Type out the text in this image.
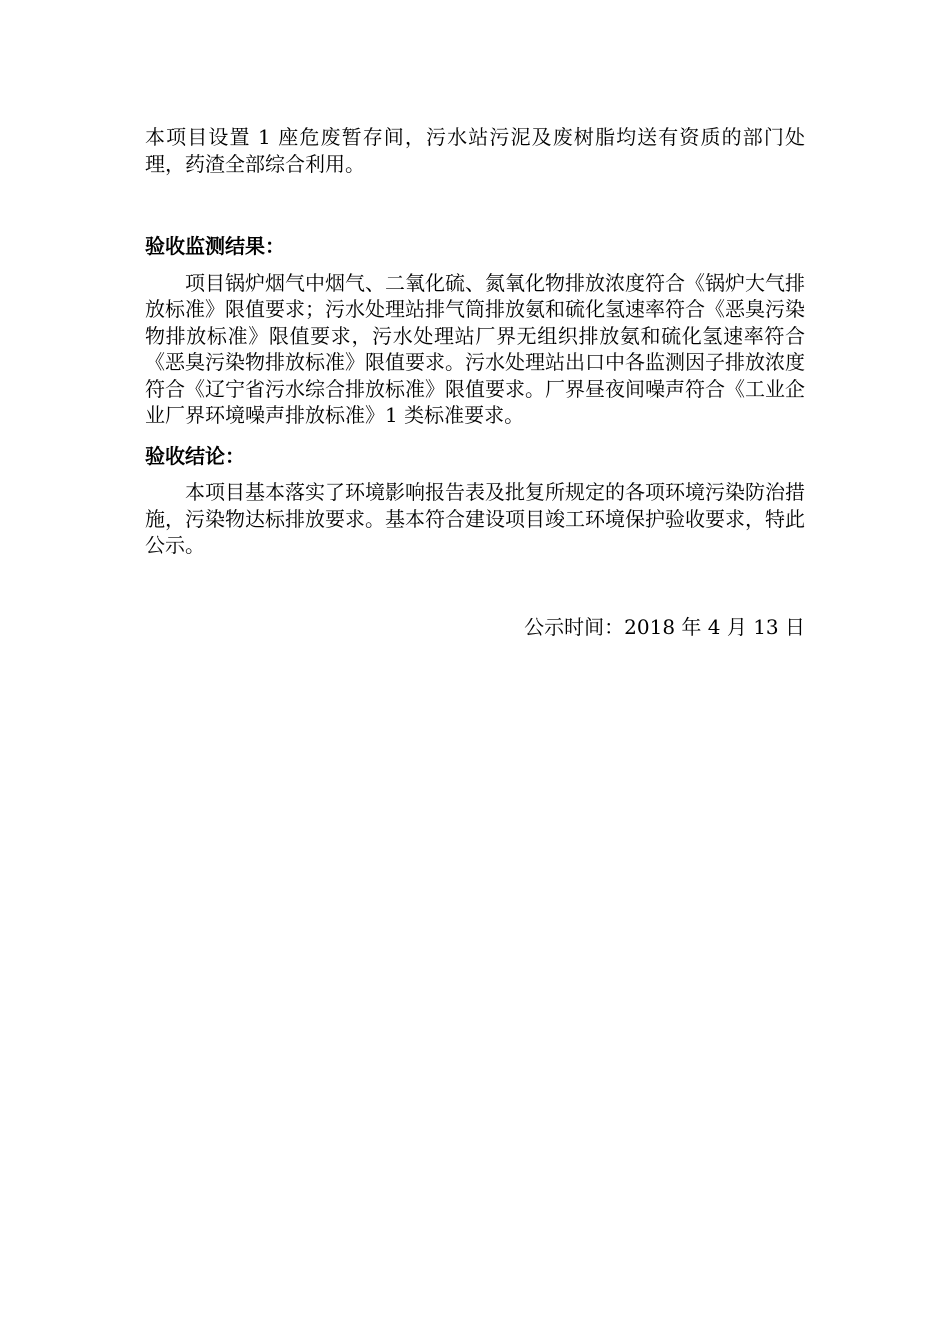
本项目设置 1 座危废暂存间，污水站污泥及废树脂均送有资质的部门处理，药渣全部综合利用。

验收监测结果：

项目锅炉烟气中烟气、二氧化硫、氮氧化物排放浓度符合《锅炉大气排放标准》限值要求；污水处理站排气筒排放氨和硫化氢速率符合《恶臭污染物排放标准》限值要求，污水处理站厂界无组织排放氨和硫化氢速率符合《恶臭污染物排放标准》限值要求。污水处理站出口中各监测因子排放浓度符合《辽宁省污水综合排放标准》限值要求。厂界昼夜间噪声符合《工业企业厂界环境噪声排放标准》1 类标准要求。

验收结论：

本项目基本落实了环境影响报告表及批复所规定的各项环境污染防治措施，污染物达标排放要求。基本符合建设项目竣工环境保护验收要求，特此公示。

公示时间：2018 年 4 月 13 日
